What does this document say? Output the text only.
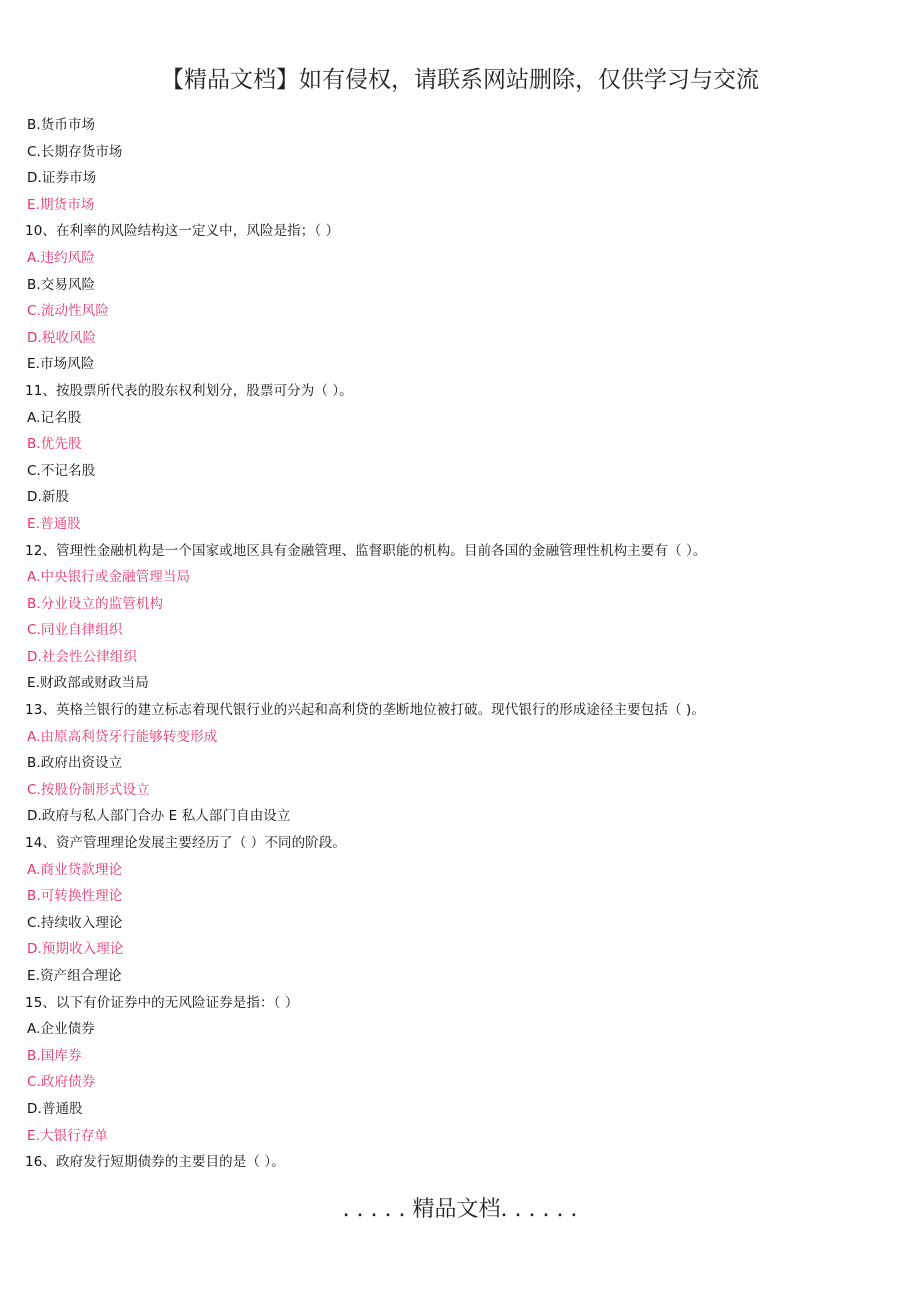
【精品文档】如有侵权，请联系网站删除，仅供学习与交流
B.货币市场
C.长期存货市场
D.证券市场
E.期货市场
10、在利率的风险结构这一定义中，风险是指；（ ）
A.违约风险
B.交易风险
C.流动性风险
D.税收风险
E.市场风险
11、按股票所代表的股东权利划分，股票可分为（ ）。
A.记名股
B.优先股
C.不记名股
D.新股
E.普通股
12、管理性金融机构是一个国家或地区具有金融管理、监督职能的机构。目前各国的金融管理性机构主要有（ ）。
A.中央银行或金融管理当局
B.分业设立的监管机构
C.同业自律组织
D.社会性公律组织
E.财政部或财政当局
13、英格兰银行的建立标志着现代银行业的兴起和高利贷的垄断地位被打破。现代银行的形成途径主要包括（ )。
A.由原高利贷牙行能够转变形成
B.政府出资设立
C.按股份制形式设立
D.政府与私人部门合办 E 私人部门自由设立
14、资产管理理论发展主要经历了（ ）不同的阶段。
A.商业贷款理论
B.可转换性理论
C.持续收入理论
D.预期收入理论
E.资产组合理论
15、以下有价证券中的无风险证券是指：（ ）
A.企业债券
B.国库券
C.政府债券
D.普通股
E.大银行存单
16、政府发行短期债券的主要目的是（ ）。
. . . . . 精品文档. . . . . .
